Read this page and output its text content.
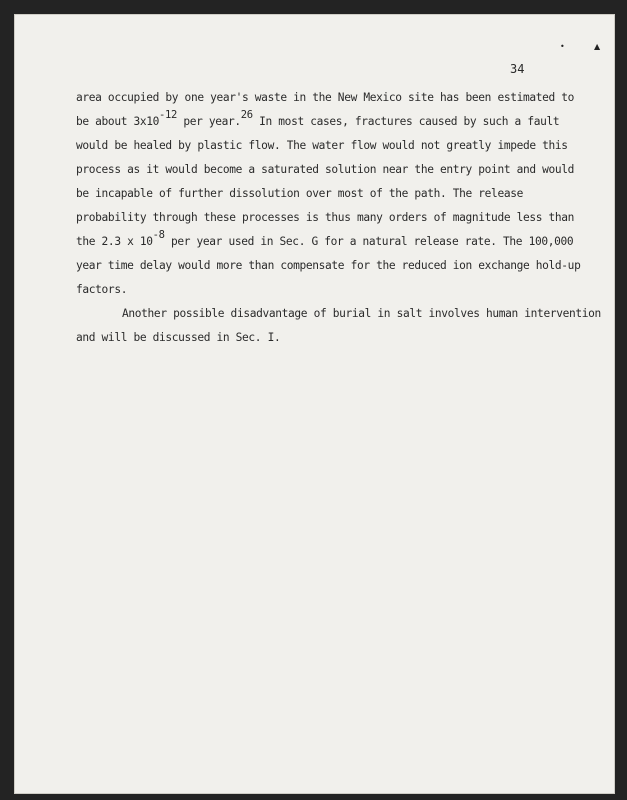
•	▲
34
area occupied by one year's waste in the New Mexico site has been estimated to
be about $3x10^{-12}$ per year.$^{26}$ In most cases, fractures caused by such a fault
would be healed by plastic flow. The water flow would not greatly impede this
process as it would become a saturated solution near the entry point and would
be incapable of further dissolution over most of the path. The release
probability through these processes is thus many orders of magnitude less than
the 2.3 x $10^{-8}$ per year used in Sec. G for a natural release rate. The 100,000
year time delay would more than compensate for the reduced ion exchange hold-up
factors.
Another possible disadvantage of burial in salt involves human intervention
and will be discussed in Sec. I.
